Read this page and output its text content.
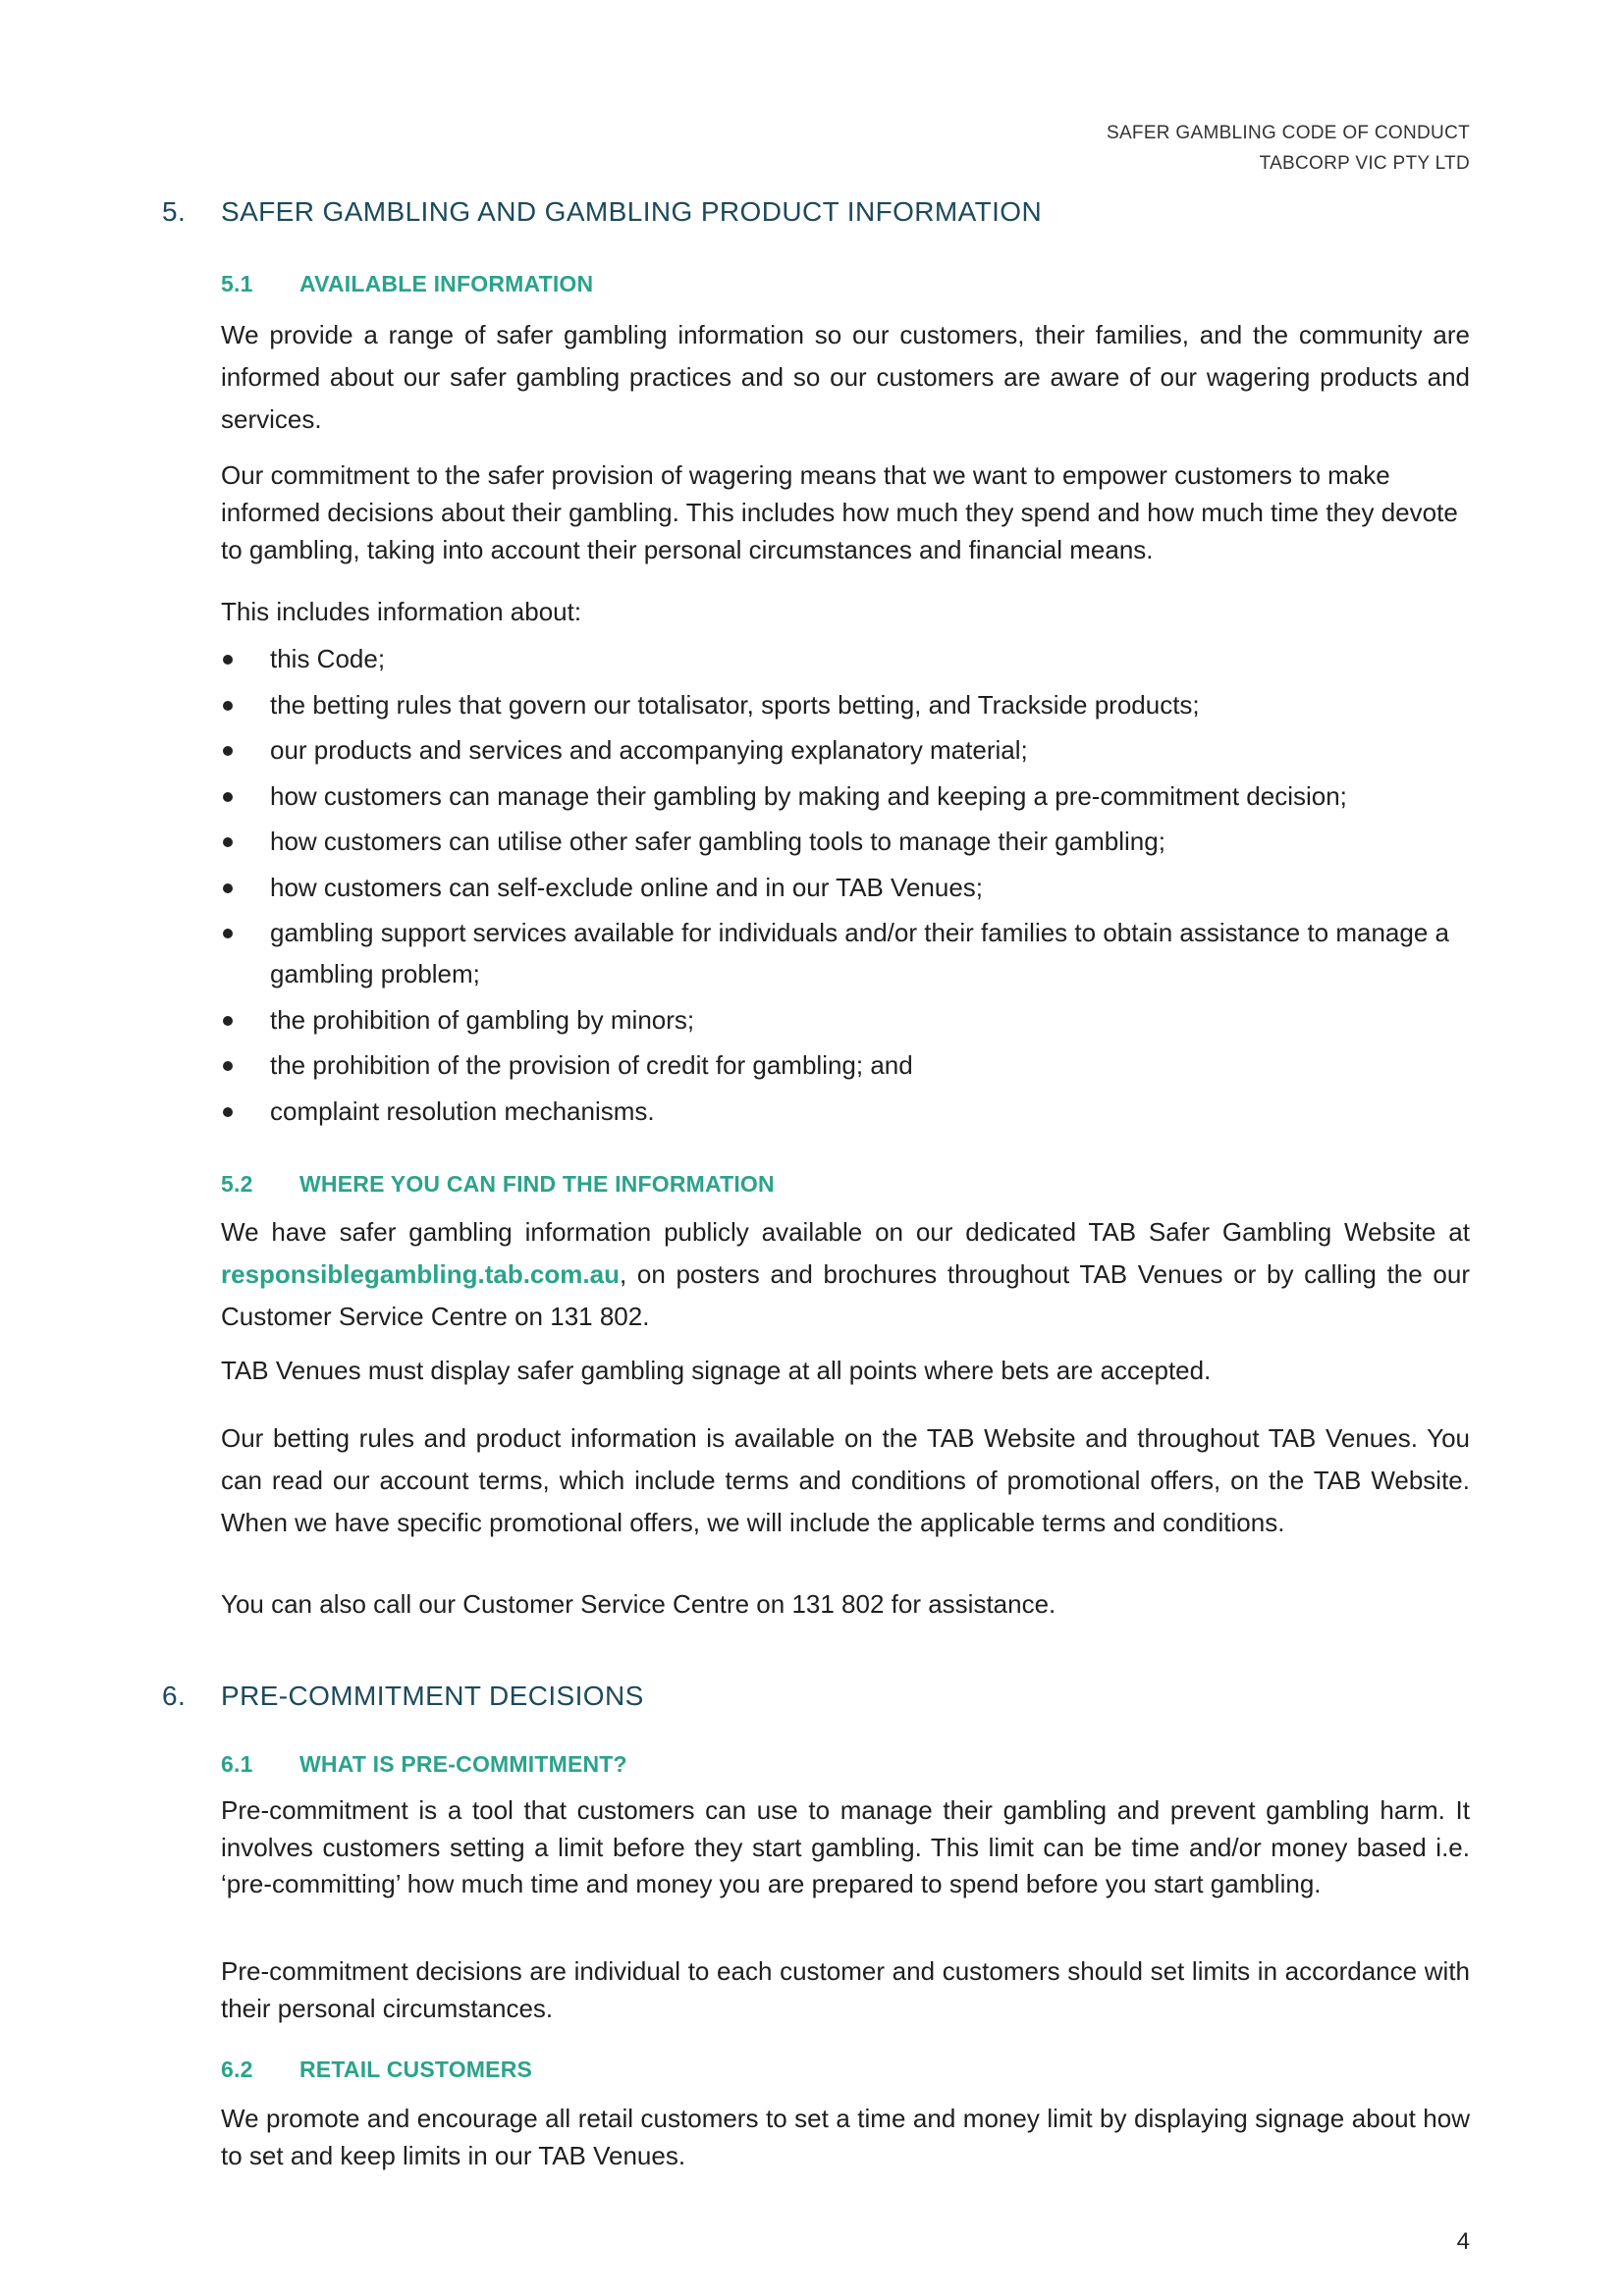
SAFER GAMBLING CODE OF CONDUCT
TABCORP VIC PTY LTD
5. SAFER GAMBLING AND GAMBLING PRODUCT INFORMATION
5.1 AVAILABLE INFORMATION

We provide a range of safer gambling information so our customers, their families, and the community are informed about our safer gambling practices and so our customers are aware of our wagering products and services.

Our commitment to the safer provision of wagering means that we want to empower customers to make informed decisions about their gambling. This includes how much they spend and how much time they devote to gambling, taking into account their personal circumstances and financial means.

This includes information about:

this Code;
the betting rules that govern our totalisator, sports betting, and Trackside products;
our products and services and accompanying explanatory material;
how customers can manage their gambling by making and keeping a pre-commitment decision;
how customers can utilise other safer gambling tools to manage their gambling;
how customers can self-exclude online and in our TAB Venues;
gambling support services available for individuals and/or their families to obtain assistance to manage a gambling problem;
the prohibition of gambling by minors;
the prohibition of the provision of credit for gambling; and
complaint resolution mechanisms.
5.2 WHERE YOU CAN FIND THE INFORMATION

We have safer gambling information publicly available on our dedicated TAB Safer Gambling Website at responsiblegambling.tab.com.au, on posters and brochures throughout TAB Venues or by calling the our Customer Service Centre on 131 802.

TAB Venues must display safer gambling signage at all points where bets are accepted.

Our betting rules and product information is available on the TAB Website and throughout TAB Venues. You can read our account terms, which include terms and conditions of promotional offers, on the TAB Website. When we have specific promotional offers, we will include the applicable terms and conditions.

You can also call our Customer Service Centre on 131 802 for assistance.

6. PRE-COMMITMENT DECISIONS
6.1 WHAT IS PRE-COMMITMENT?

Pre-commitment is a tool that customers can use to manage their gambling and prevent gambling harm. It involves customers setting a limit before they start gambling. This limit can be time and/or money based i.e. ‘pre-committing’ how much time and money you are prepared to spend before you start gambling.

Pre-commitment decisions are individual to each customer and customers should set limits in accordance with their personal circumstances.

6.2 RETAIL CUSTOMERS

We promote and encourage all retail customers to set a time and money limit by displaying signage about how to set and keep limits in our TAB Venues.

4
